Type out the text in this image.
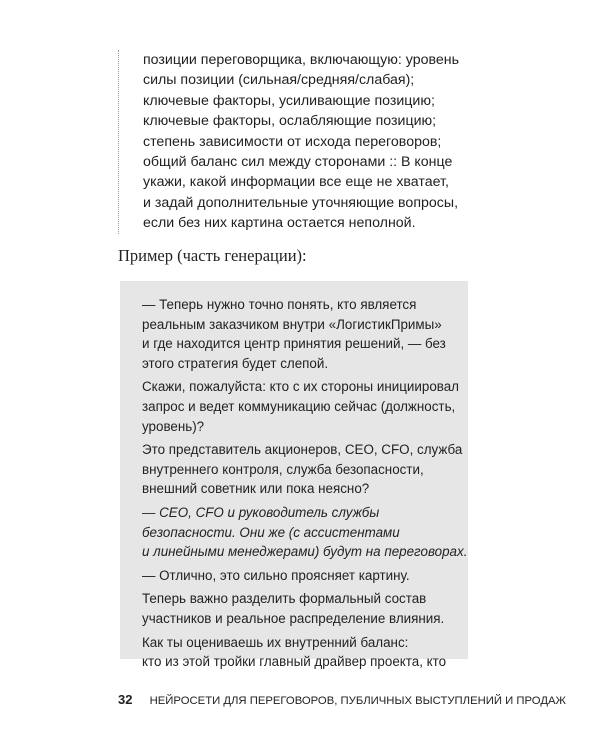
позиции переговорщика, включающую: уровень
силы позиции (сильная/средняя/слабая);
ключевые факторы, усиливающие позицию;
ключевые факторы, ослабляющие позицию;
степень зависимости от исхода переговоров;
общий баланс сил между сторонами :: В конце
укажи, какой информации все еще не хватает,
и задай дополнительные уточняющие вопросы,
если без них картина остается неполной.
Пример (часть генерации):
— Теперь нужно точно понять, кто является
реальным заказчиком внутри «ЛогистикПримы»
и где находится центр принятия решений, — без
этого стратегия будет слепой.
Скажи, пожалуйста: кто с их стороны инициировал
запрос и ведет коммуникацию сейчас (должность,
уровень)?
Это представитель акционеров, CEO, CFO, служба
внутреннего контроля, служба безопасности,
внешний советник или пока неясно?
— CEO, CFO и руководитель службы
безопасности. Они же (с ассистентами
и линейными менеджерами) будут на переговорах.
— Отлично, это сильно проясняет картину.
Теперь важно разделить формальный состав
участников и реальное распределение влияния.
Как ты оцениваешь их внутренний баланс:
кто из этой тройки главный драйвер проекта, кто
32 НЕЙРОСЕТИ ДЛЯ ПЕРЕГОВОРОВ, ПУБЛИЧНЫХ ВЫСТУПЛЕНИЙ И ПРОДАЖ
